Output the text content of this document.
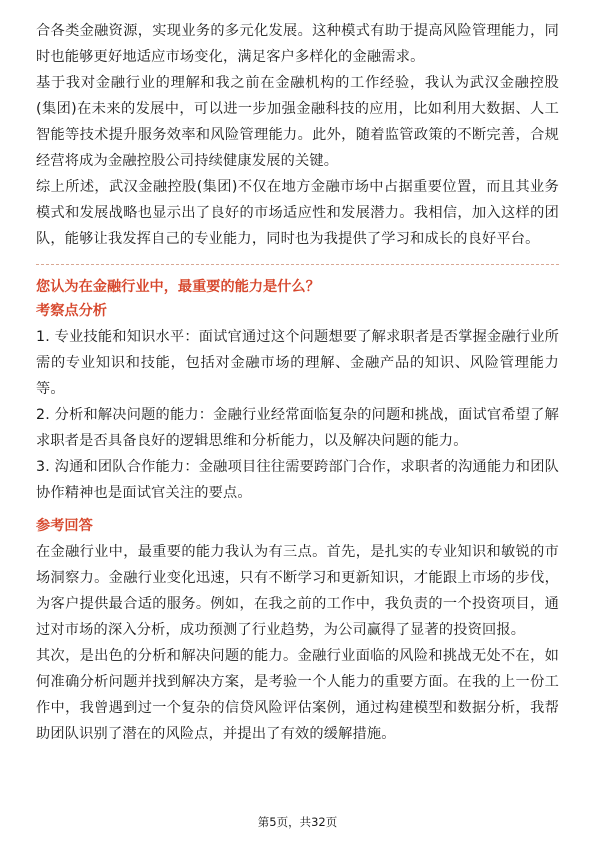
合各类金融资源，实现业务的多元化发展。这种模式有助于提高风险管理能力，同时也能够更好地适应市场变化，满足客户多样化的金融需求。

基于我对金融行业的理解和我之前在金融机构的工作经验，我认为武汉金融控股(集团)在未来的发展中，可以进一步加强金融科技的应用，比如利用大数据、人工智能等技术提升服务效率和风险管理能力。此外，随着监管政策的不断完善，合规经营将成为金融控股公司持续健康发展的关键。

综上所述，武汉金融控股(集团)不仅在地方金融市场中占据重要位置，而且其业务模式和发展战略也显示出了良好的市场适应性和发展潜力。我相信，加入这样的团队，能够让我发挥自己的专业能力，同时也为我提供了学习和成长的良好平台。

您认为在金融行业中，最重要的能力是什么？

考察点分析

1. 专业技能和知识水平：面试官通过这个问题想要了解求职者是否掌握金融行业所需的专业知识和技能，包括对金融市场的理解、金融产品的知识、风险管理能力等。

2. 分析和解决问题的能力：金融行业经常面临复杂的问题和挑战，面试官希望了解求职者是否具备良好的逻辑思维和分析能力，以及解决问题的能力。

3. 沟通和团队合作能力：金融项目往往需要跨部门合作，求职者的沟通能力和团队协作精神也是面试官关注的要点。

参考回答

在金融行业中，最重要的能力我认为有三点。首先，是扎实的专业知识和敏锐的市场洞察力。金融行业变化迅速，只有不断学习和更新知识，才能跟上市场的步伐，为客户提供最合适的服务。例如，在我之前的工作中，我负责的一个投资项目，通过对市场的深入分析，成功预测了行业趋势，为公司赢得了显著的投资回报。

其次，是出色的分析和解决问题的能力。金融行业面临的风险和挑战无处不在，如何准确分析问题并找到解决方案，是考验一个人能力的重要方面。在我的上一份工作中，我曾遇到过一个复杂的信贷风险评估案例，通过构建模型和数据分析，我帮助团队识别了潜在的风险点，并提出了有效的缓解措施。

第5页，共32页
